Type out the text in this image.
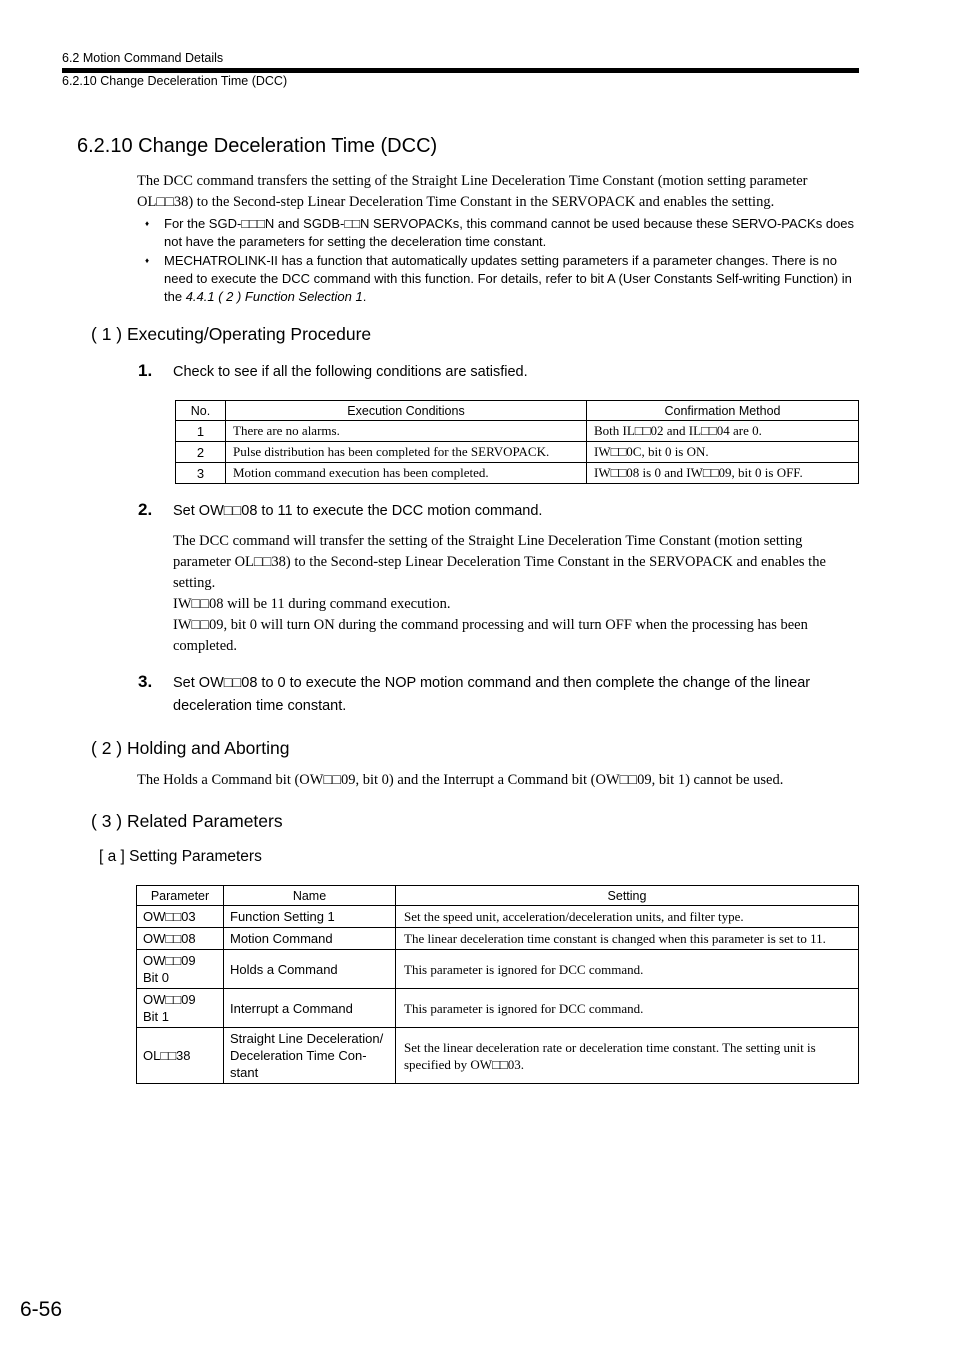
6.2 Motion Command Details
6.2.10 Change Deceleration Time (DCC)
6.2.10 Change Deceleration Time (DCC)
The DCC command transfers the setting of the Straight Line Deceleration Time Constant (motion setting parameter
OL□□38) to the Second-step Linear Deceleration Time Constant in the SERVOPACK and enables the setting.
♦ For the SGD-□□□N and SGDB-□□N SERVOPACKs, this command cannot be used because these SERVO-PACKs does not have the parameters for setting the deceleration time constant.
♦ MECHATROLINK-II has a function that automatically updates setting parameters if a parameter changes. There is no need to execute the DCC command with this function. For details, refer to bit A (User Constants Self-writing Function) in the 4.4.1 ( 2 ) Function Selection 1.
( 1 ) Executing/Operating Procedure
1. Check to see if all the following conditions are satisfied.
No.	Execution Conditions	Confirmation Method
1	There are no alarms.	Both IL□□02 and IL□□04 are 0.
2	Pulse distribution has been completed for the SERVOPACK.	IW□□0C, bit 0 is ON.
3	Motion command execution has been completed.	IW□□08 is 0 and IW□□09, bit 0 is OFF.
2. Set OW□□08 to 11 to execute the DCC motion command.
The DCC command will transfer the setting of the Straight Line Deceleration Time Constant (motion setting parameter OL□□38) to the Second-step Linear Deceleration Time Constant in the SERVOPACK and enables the setting.
IW□□08 will be 11 during command execution.
IW□□09, bit 0 will turn ON during the command processing and will turn OFF when the processing has been completed.
3. Set OW□□08 to 0 to execute the NOP motion command and then complete the change of the linear deceleration time constant.
( 2 ) Holding and Aborting
The Holds a Command bit (OW□□09, bit 0) and the Interrupt a Command bit (OW□□09, bit 1) cannot be used.
( 3 ) Related Parameters
[ a ] Setting Parameters
Parameter	Name	Setting

OW□□03	Function Setting 1	Set the speed unit, acceleration/deceleration units, and filter type.

OW□□08	Motion Command	The linear deceleration time constant is changed when this parameter is set to 11.

OW□□09
Bit 0	Holds a Command	This parameter is ignored for DCC command.

OW□□09
Bit 1	Interrupt a Command	This parameter is ignored for DCC command.

OL□□38	Straight Line Deceleration/ Deceleration Time Con-stant	Set the linear deceleration rate or deceleration time constant. The setting unit is specified by OW□□03.
6-56
